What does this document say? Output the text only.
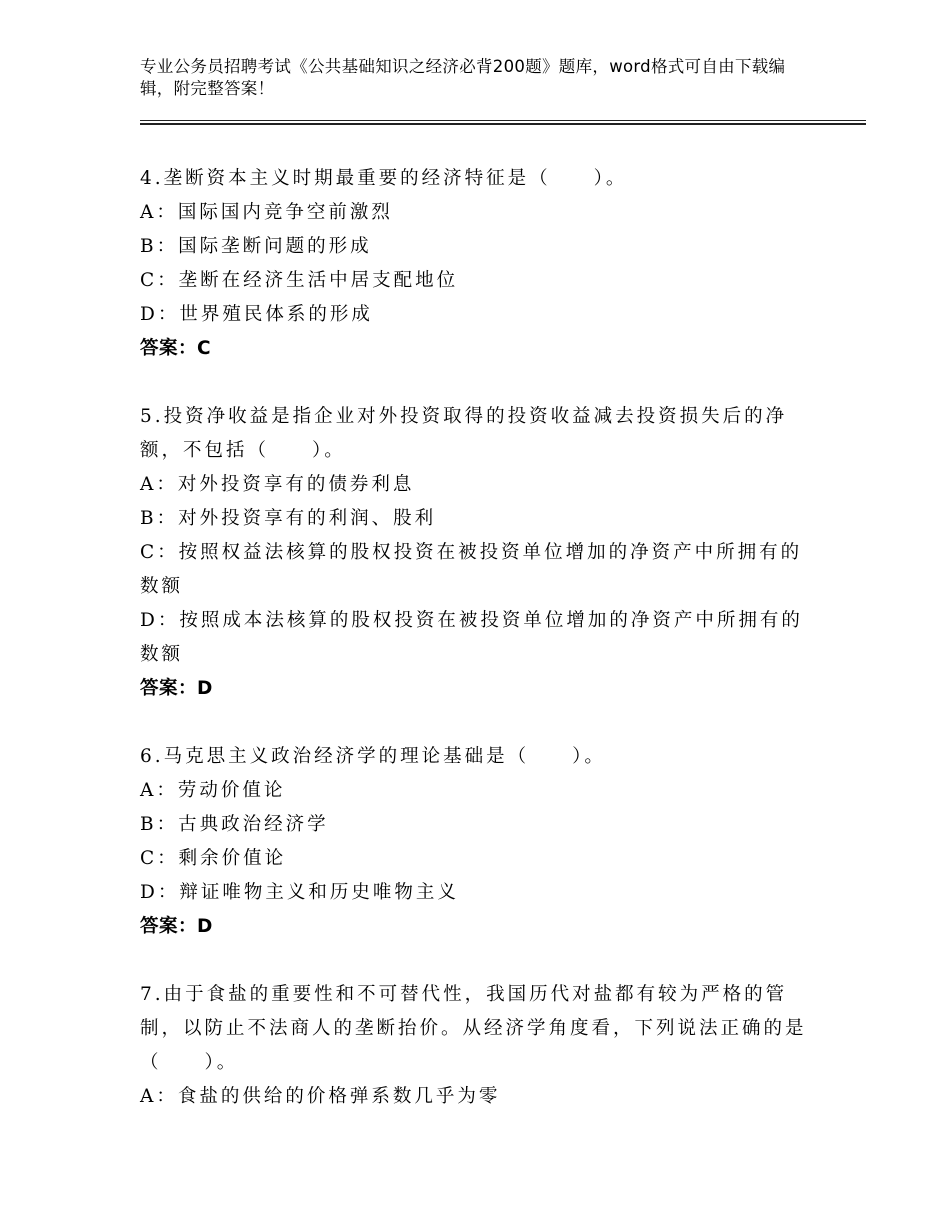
专业公务员招聘考试《公共基础知识之经济必背200题》题库，word格式可自由下载编辑，附完整答案！
4.垄断资本主义时期最重要的经济特征是（　　）。
A：国际国内竞争空前激烈
B：国际垄断问题的形成
C：垄断在经济生活中居支配地位
D：世界殖民体系的形成
答案：C
5.投资净收益是指企业对外投资取得的投资收益减去投资损失后的净额，不包括（　　）。
A：对外投资享有的债券利息
B：对外投资享有的利润、股利
C：按照权益法核算的股权投资在被投资单位增加的净资产中所拥有的数额
D：按照成本法核算的股权投资在被投资单位增加的净资产中所拥有的数额
答案：D
6.马克思主义政治经济学的理论基础是（　　）。
A：劳动价值论
B：古典政治经济学
C：剩余价值论
D：辩证唯物主义和历史唯物主义
答案：D
7.由于食盐的重要性和不可替代性，我国历代对盐都有较为严格的管制，以防止不法商人的垄断抬价。从经济学角度看，下列说法正确的是（　　）。
A：食盐的供给的价格弹系数几乎为零
